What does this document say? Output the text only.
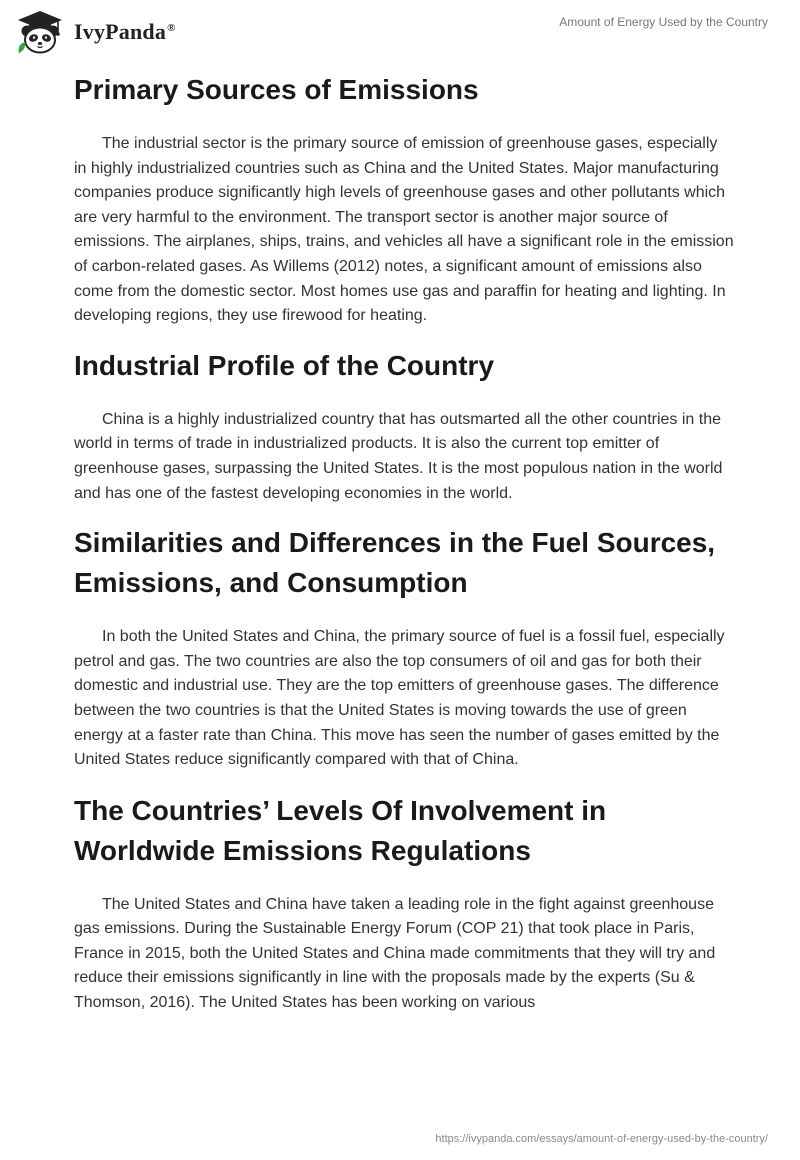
IvyPanda®	Amount of Energy Used by the Country
Primary Sources of Emissions

The industrial sector is the primary source of emission of greenhouse gases, especially in highly industrialized countries such as China and the United States. Major manufacturing companies produce significantly high levels of greenhouse gases and other pollutants which are very harmful to the environment. The transport sector is another major source of emissions. The airplanes, ships, trains, and vehicles all have a significant role in the emission of carbon-related gases. As Willems (2012) notes, a significant amount of emissions also come from the domestic sector. Most homes use gas and paraffin for heating and lighting. In developing regions, they use firewood for heating.

Industrial Profile of the Country

China is a highly industrialized country that has outsmarted all the other countries in the world in terms of trade in industrialized products. It is also the current top emitter of greenhouse gases, surpassing the United States. It is the most populous nation in the world and has one of the fastest developing economies in the world.

Similarities and Differences in the Fuel Sources, Emissions, and Consumption

In both the United States and China, the primary source of fuel is a fossil fuel, especially petrol and gas. The two countries are also the top consumers of oil and gas for both their domestic and industrial use. They are the top emitters of greenhouse gases. The difference between the two countries is that the United States is moving towards the use of green energy at a faster rate than China. This move has seen the number of gases emitted by the United States reduce significantly compared with that of China.

The Countries’ Levels Of Involvement in Worldwide Emissions Regulations

The United States and China have taken a leading role in the fight against greenhouse gas emissions. During the Sustainable Energy Forum (COP 21) that took place in Paris, France in 2015, both the United States and China made commitments that they will try and reduce their emissions significantly in line with the proposals made by the experts (Su & Thomson, 2016). The United States has been working on various

https://ivypanda.com/essays/amount-of-energy-used-by-the-country/
